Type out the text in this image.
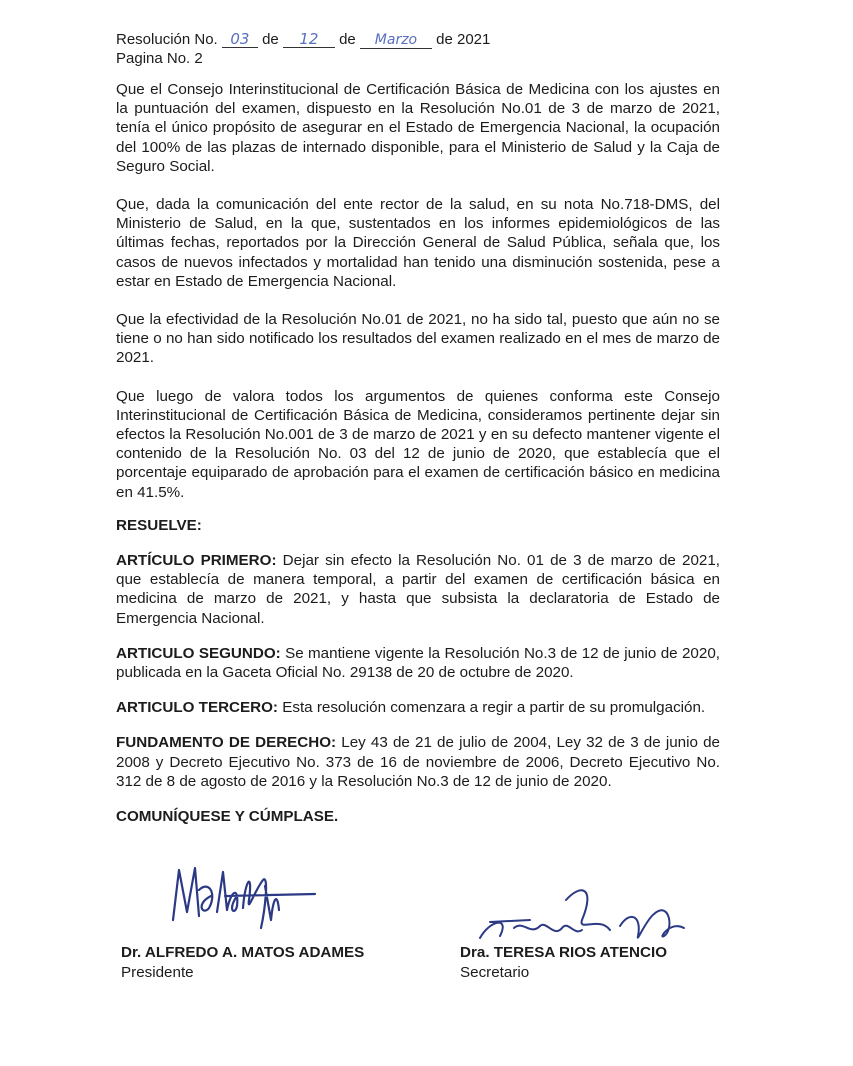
Resolución No. 03 de 12 de Marzo de 2021
Pagina No. 2

Que el Consejo Interinstitucional de Certificación Básica de Medicina con los ajustes en la puntuación del examen, dispuesto en la Resolución No.01 de 3 de marzo de 2021, tenía el único propósito de asegurar en el Estado de Emergencia Nacional, la ocupación del 100% de las plazas de internado disponible, para el Ministerio de Salud y la Caja de Seguro Social.

Que, dada la comunicación del ente rector de la salud, en su nota No.718-DMS, del Ministerio de Salud, en la que, sustentados en los informes epidemiológicos de las últimas fechas, reportados por la Dirección General de Salud Pública, señala que, los casos de nuevos infectados y mortalidad han tenido una disminución sostenida, pese a estar en Estado de Emergencia Nacional.

Que la efectividad de la Resolución No.01 de 2021, no ha sido tal, puesto que aún no se tiene o no han sido notificado los resultados del examen realizado en el mes de marzo de 2021.

Que luego de valora todos los argumentos de quienes conforma este Consejo Interinstitucional de Certificación Básica de Medicina, consideramos pertinente dejar sin efectos la Resolución No.001 de 3 de marzo de 2021 y en su defecto mantener vigente el contenido de la Resolución No. 03 del 12 de junio de 2020, que establecía que el porcentaje equiparado de aprobación para el examen de certificación básico en medicina en 41.5%.

RESUELVE:

ARTÍCULO PRIMERO: Dejar sin efecto la Resolución No. 01 de 3 de marzo de 2021, que establecía de manera temporal, a partir del examen de certificación básica en medicina de marzo de 2021, y hasta que subsista la declaratoria de Estado de Emergencia Nacional.

ARTICULO SEGUNDO: Se mantiene vigente la Resolución No.3 de 12 de junio de 2020, publicada en la Gaceta Oficial No. 29138 de 20 de octubre de 2020.

ARTICULO TERCERO: Esta resolución comenzara a regir a partir de su promulgación.

FUNDAMENTO DE DERECHO: Ley 43 de 21 de julio de 2004, Ley 32 de 3 de junio de 2008 y Decreto Ejecutivo No. 373 de 16 de noviembre de 2006, Decreto Ejecutivo No. 312 de 8 de agosto de 2016 y la Resolución No.3 de 12 de junio de 2020.

COMUNÍQUESE Y CÚMPLASE.

Dr. ALFREDO A. MATOS ADAMES
Presidente
Dra. TERESA RIOS ATENCIO
Secretario
